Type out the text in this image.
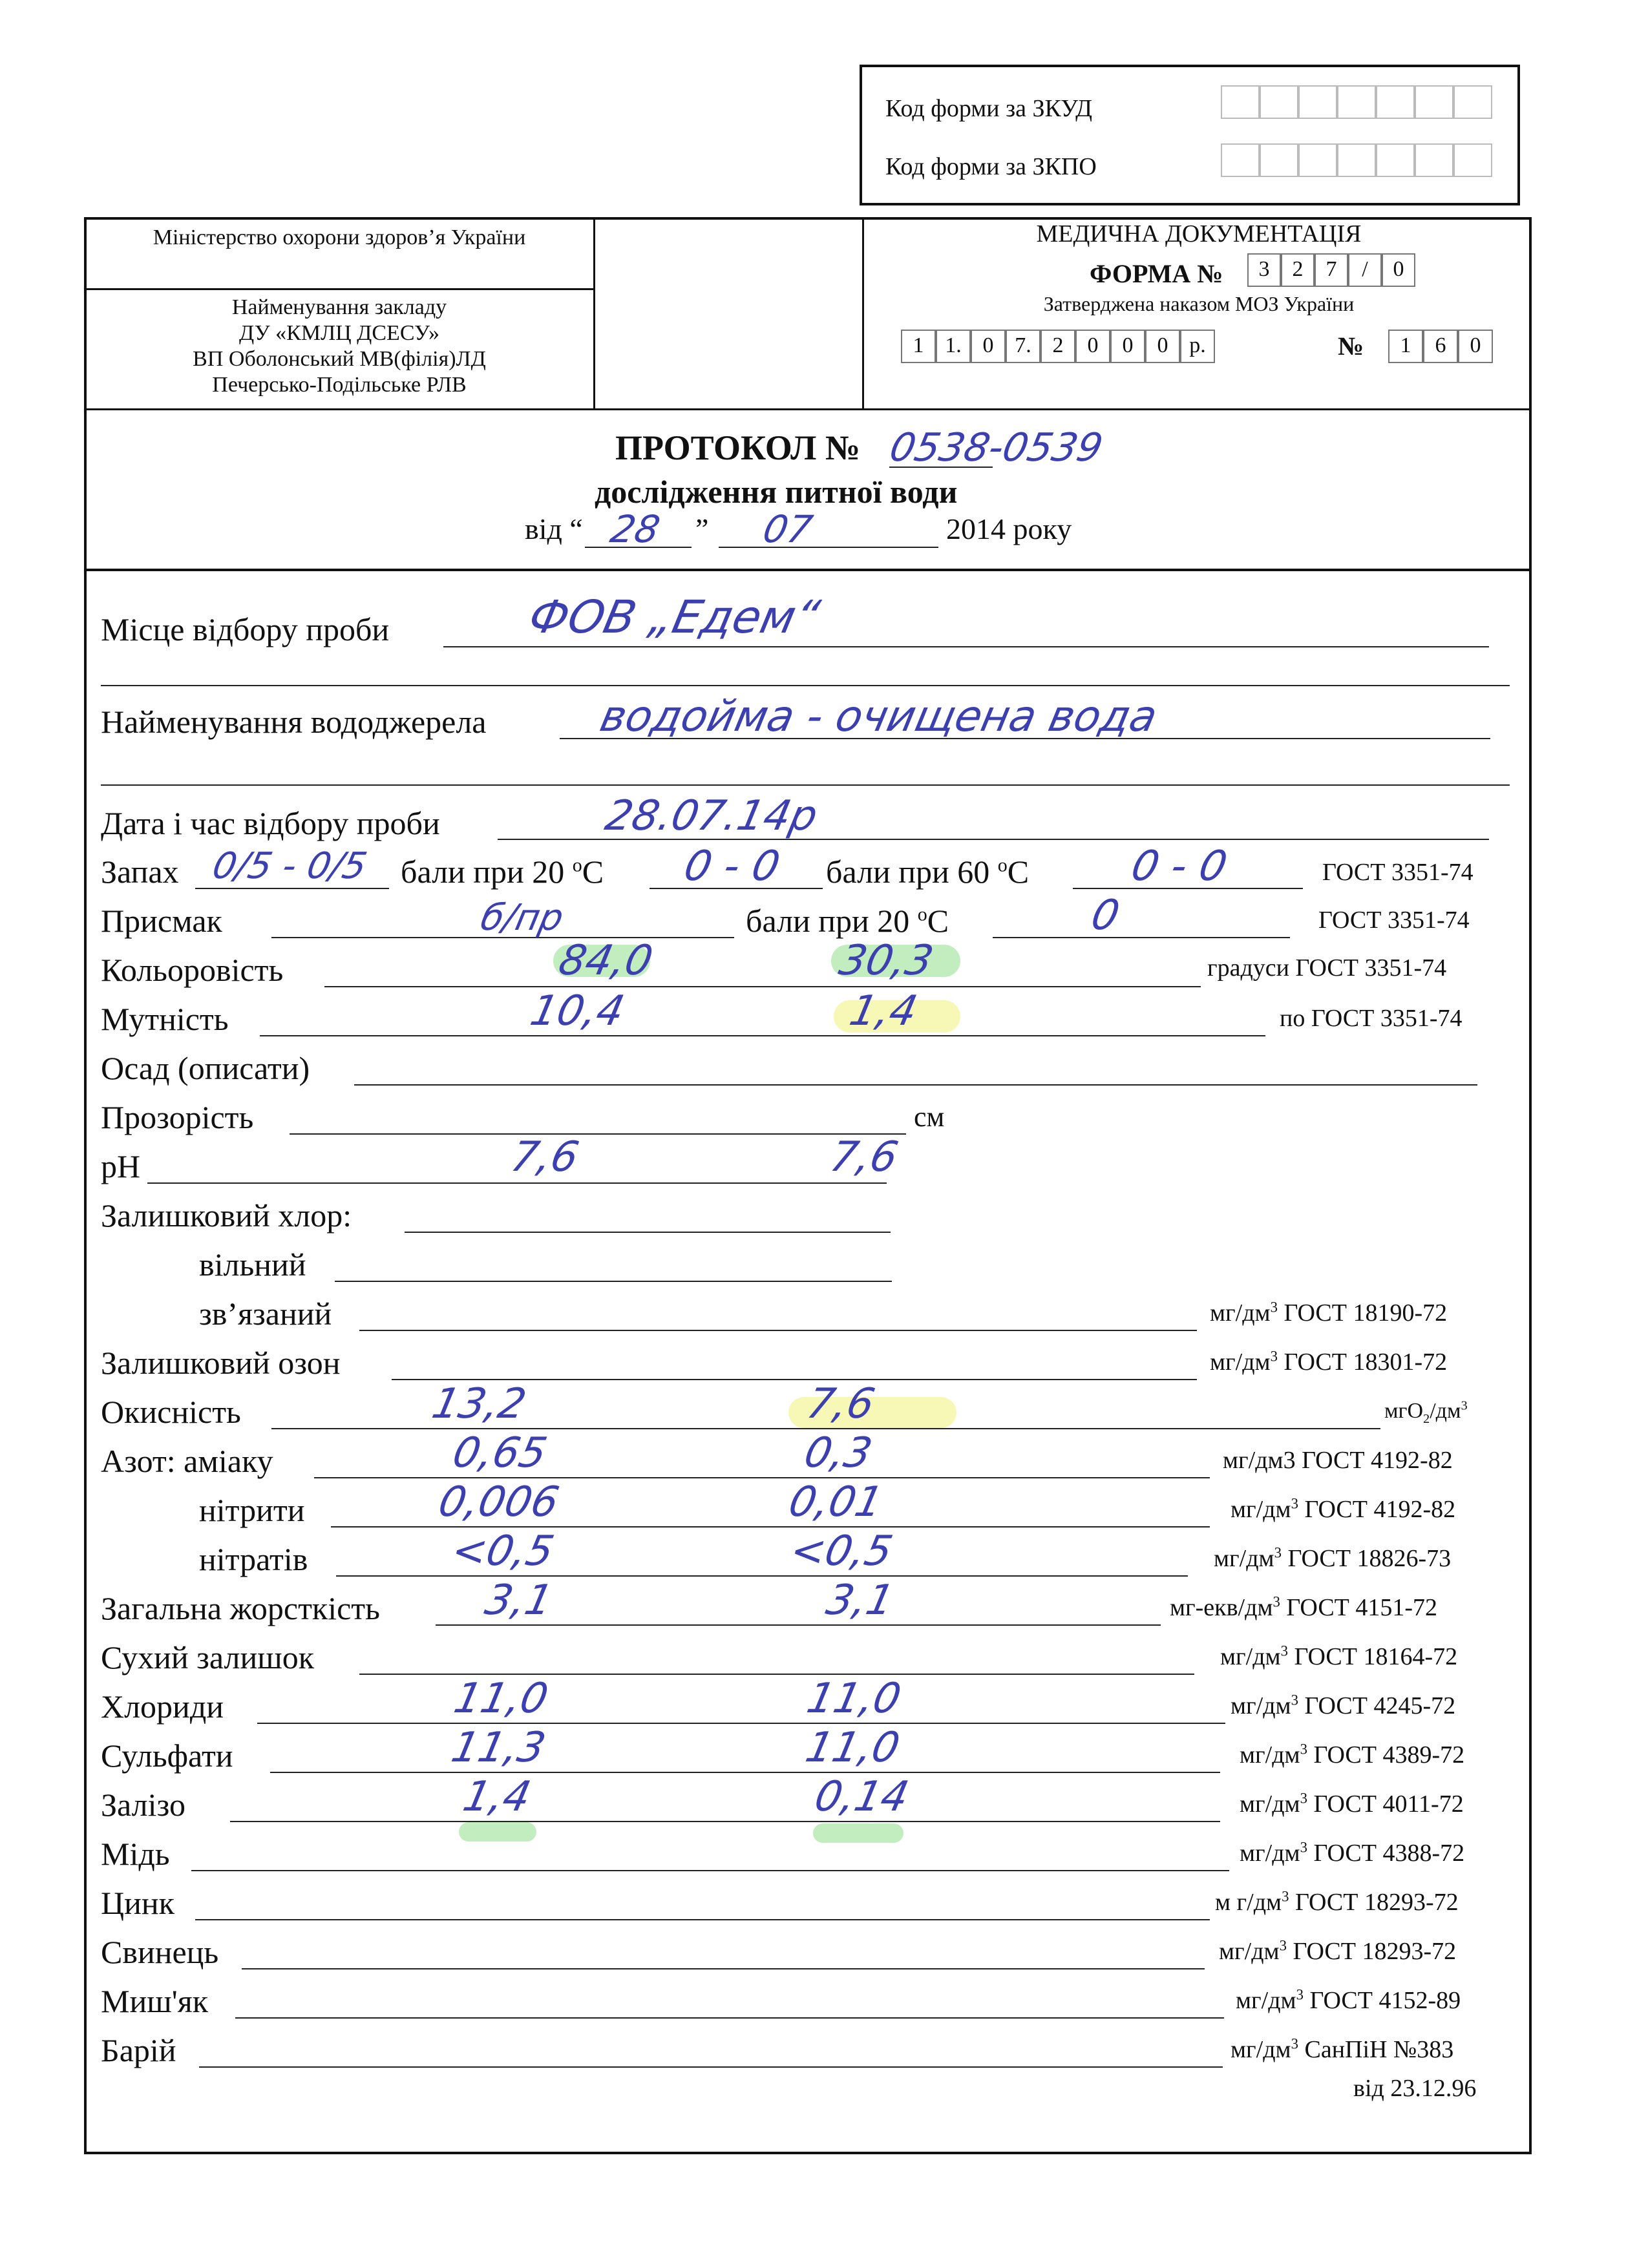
Код форми за ЗКУД
Код форми за ЗКПО
Міністерство охорони здоров’я України
Найменування закладу
ДУ «КМЛЦ ДСЕСУ»
ВП Оболонський МВ(філія)ЛД
Печерсько-Подільське РЛВ
МЕДИЧНА ДОКУМЕНТАЦІЯ
ФОРМА №	3	2	7	/	0
Затверджена наказом МОЗ України
1 1. 0 7. 2	0	0	0 р.	№	1	6	0
ПРОТОКОЛ № 0538-0539
дослідження питної води
від “ 28 ” 07	2014 року
Місце відбору проби	ФОВ „Едем“
Найменування вододжерела	водойма - очищена вода
Дата і час відбору проби	28.07.14р
Запах 0/5 - 0/5 бали при 20 $^o$C 0 - 0 бали при 60 $^o$C 0 - 0	ГОСТ 3351-74
Присмак	б/пр	бали при 20 $^o$C	0	ГОСТ 3351-74
Кольоровість	84,0	30,3	градуси ГОСТ 3351-74
Мутність	10,4	1,4	по ГОСТ 3351-74
Осад (описати)
Прозорість	см
pH	7,6	7,6
Залишковий хлор:
вільний
зв’язаний	$мг/дм^3$ ГОСТ 18190-72
Залишковий озон	$мг/дм^3$ ГОСТ 18301-72
Окисність	13,2	7,6	$мгО_2/дм^3$
Азот: аміаку	0,65	0,3	мг/дм3 ГОСТ 4192-82
нітрити	0,006	0,01	$мг/дм^3$ ГОСТ 4192-82
нітратів	<0,5	<0,5	$мг/дм^3$ ГОСТ 18826-73
Загальна жорсткість 3,1	3,1	$мг-екв/дм^3$ ГОСТ 4151-72
Сухий залишок	$мг/дм^3$ ГОСТ 18164-72
Хлориди	11,0	11,0	$мг/дм^3$ ГОСТ 4245-72
Сульфати	11,3	11,0	$мг/дм^3$ ГОСТ 4389-72
Залізо	1,4	0,14	$мг/дм^3$ ГОСТ 4011-72
Мідь	$мг/дм^3$ ГОСТ 4388-72
Цинк	м $г/дм^3$ ГОСТ 18293-72
Свинець	$мг/дм^3$ ГОСТ 18293-72
Миш'як	$мг/дм^3$ ГОСТ 4152-89
Барій	$мг/дм^3$ СанПіН №383
від 23.12.96
